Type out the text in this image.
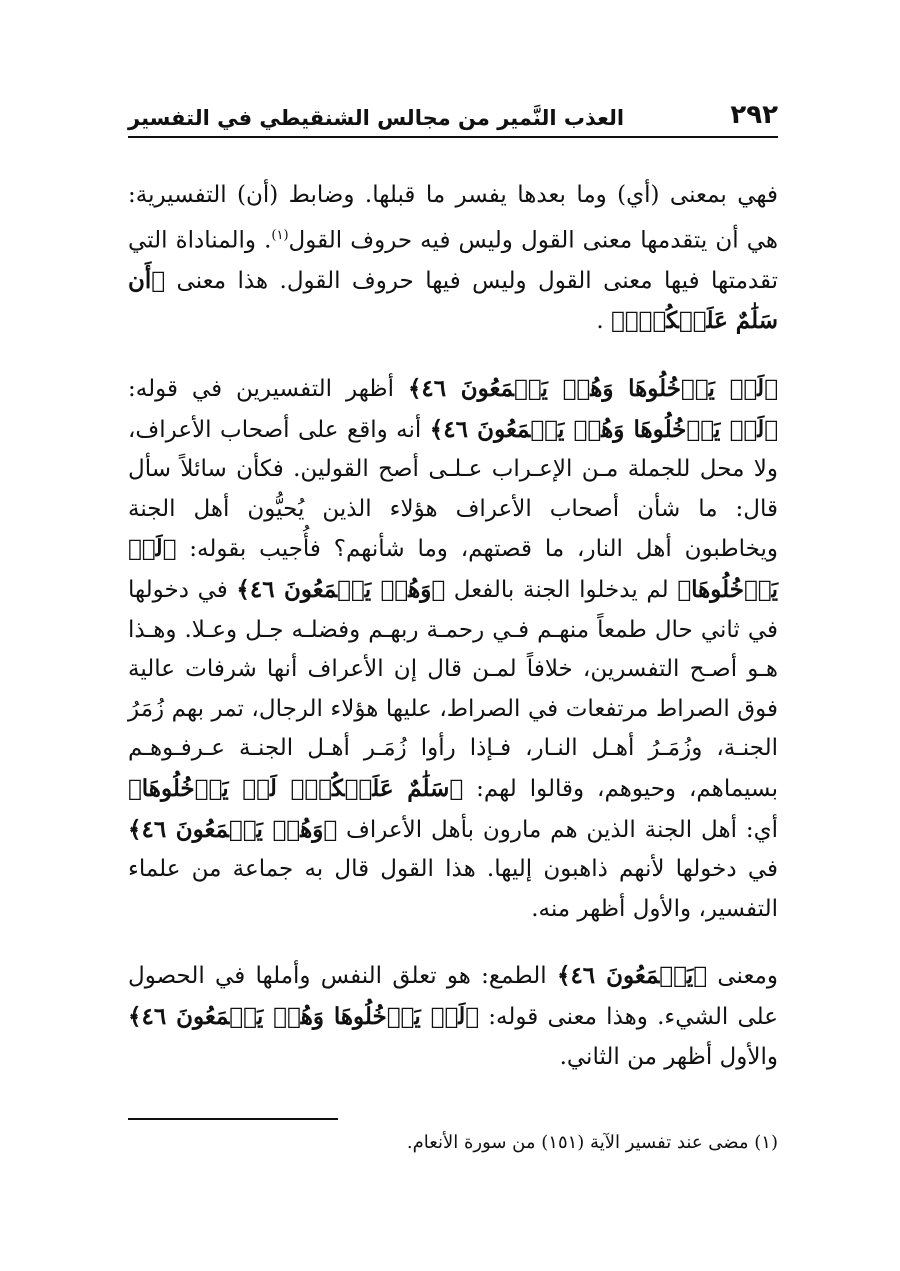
٢٩٢
العذب النَّمير من مجالس الشنقيطي في التفسير

فهي بمعنى (أي) وما بعدها يفسر ما قبلها. وضابط (أن) التفسيرية: هي أن يتقدمها معنى القول وليس فيه حروف القول$^{(١)}$. والمناداة التي تقدمتها فيها معنى القول وليس فيها حروف القول. هذا معنى ﴿أَن سَلَٰمٌ عَلَيۡكُمۡۚ﴾ .

﴿لَمۡ يَدۡخُلُوهَا وَهُمۡ يَطۡمَعُونَ ٤٦﴾ أظهر التفسيرين في قوله: ﴿لَمۡ يَدۡخُلُوهَا وَهُمۡ يَطۡمَعُونَ ٤٦﴾ أنه واقع على أصحاب الأعراف، ولا محل للجملة مـن الإعـراب عـلـى أصح القولين. فكأن سائلاً سأل قال: ما شأن أصحاب الأعراف هؤلاء الذين يُحيُّون أهل الجنة ويخاطبون أهل النار، ما قصتهم، وما شأنهم؟ فأُجيب بقوله: ﴿لَمۡ يَدۡخُلُوهَا﴾ لم يدخلوا الجنة بالفعل ﴿وَهُمۡ يَطۡمَعُونَ ٤٦﴾ في دخولها في ثاني حال طمعاً منهـم فـي رحمـة ربهـم وفضلـه جـل وعـلا. وهـذا هـو أصـح التفسرين، خلافاً لمـن قال إن الأعراف أنها شرفات عالية فوق الصراط مرتفعات في الصراط، عليها هؤلاء الرجال، تمر بهم زُمَرُ الجنـة، وزُمَـرُ أهـل النـار، فـإذا رأوا زُمَـر أهـل الجنـة عـرفـوهـم بسيماهم، وحيوهم، وقالوا لهم: ﴿سَلَٰمٌ عَلَيۡكُمۡۚ لَمۡ يَدۡخُلُوهَا﴾ أي: أهل الجنة الذين هم مارون بأهل الأعراف ﴿وَهُمۡ يَطۡمَعُونَ ٤٦﴾ في دخولها لأنهم ذاهبون إليها. هذا القول قال به جماعة من علماء التفسير، والأول أظهر منه.

ومعنى ﴿يَطۡمَعُونَ ٤٦﴾ الطمع: هو تعلق النفس وأملها في الحصول على الشيء. وهذا معنى قوله: ﴿لَمۡ يَدۡخُلُوهَا وَهُمۡ يَطۡمَعُونَ ٤٦﴾ والأول أظهر من الثاني.

(١) مضى عند تفسير الآية (١٥١) من سورة الأنعام.
